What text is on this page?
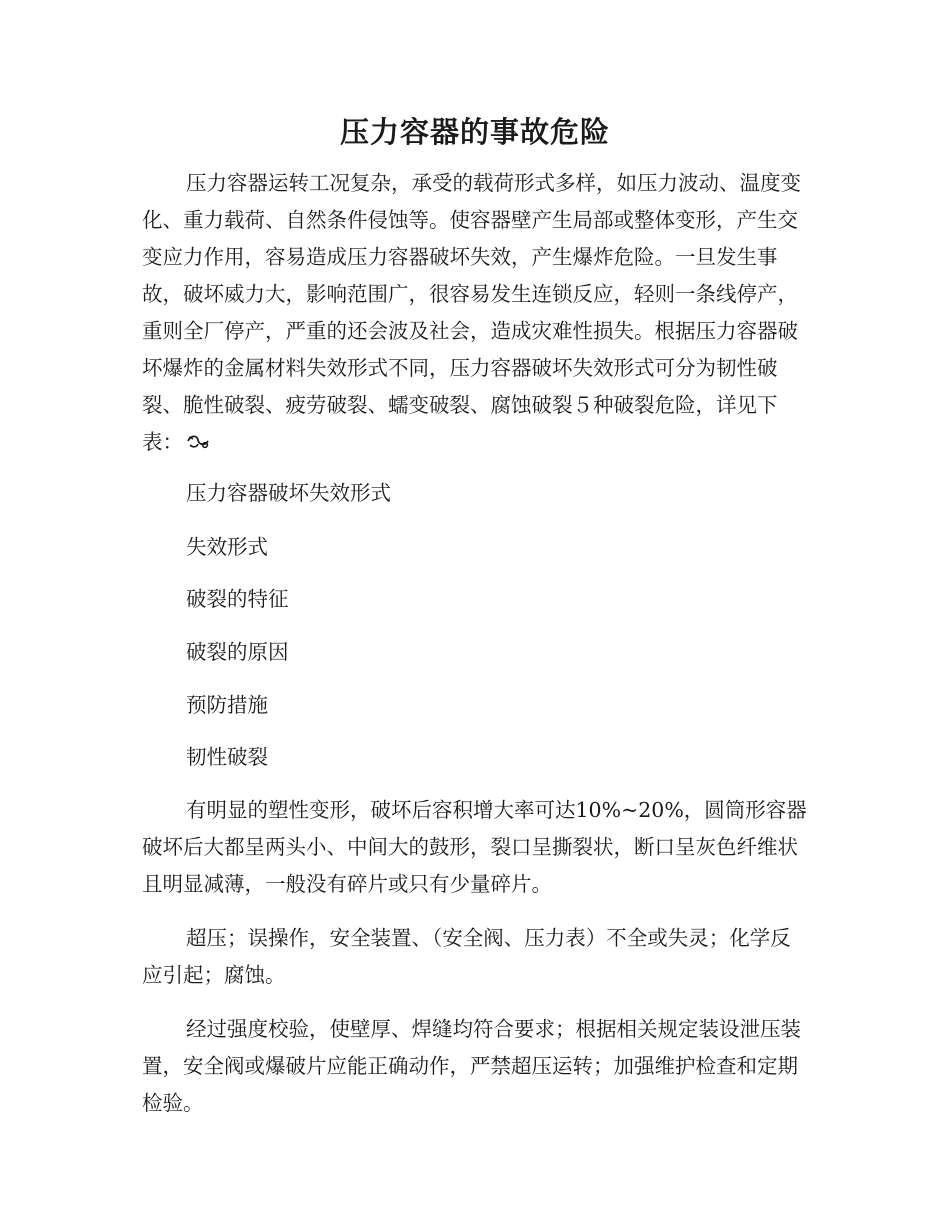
压力容器的事故危险

压力容器运转工况复杂，承受的载荷形式多样，如压力波动、温度变化、重力载荷、自然条件侵蚀等。使容器壁产生局部或整体变形，产生交变应力作用，容易造成压力容器破坏失效，产生爆炸危险。一旦发生事故，破坏威力大，影响范围广，很容易发生连锁反应，轻则一条线停产，重则全厂停产，严重的还会波及社会，造成灾难性损失。根据压力容器破坏爆炸的金属材料失效形式不同，压力容器破坏失效形式可分为韧性破裂、脆性破裂、疲劳破裂、蠕变破裂、腐蚀破裂５种破裂危险，详见下表：

压力容器破坏失效形式

失效形式

破裂的特征

破裂的原因

预防措施

韧性破裂

有明显的塑性变形，破坏后容积增大率可达10%~20%，圆筒形容器破坏后大都呈两头小、中间大的鼓形，裂口呈撕裂状，断口呈灰色纤维状且明显减薄，一般没有碎片或只有少量碎片。

超压；误操作，安全装置、（安全阀、压力表）不全或失灵；化学反应引起；腐蚀。

经过强度校验，使壁厚、焊缝均符合要求；根据相关规定装设泄压装置，安全阀或爆破片应能正确动作，严禁超压运转；加强维护检查和定期检验。
